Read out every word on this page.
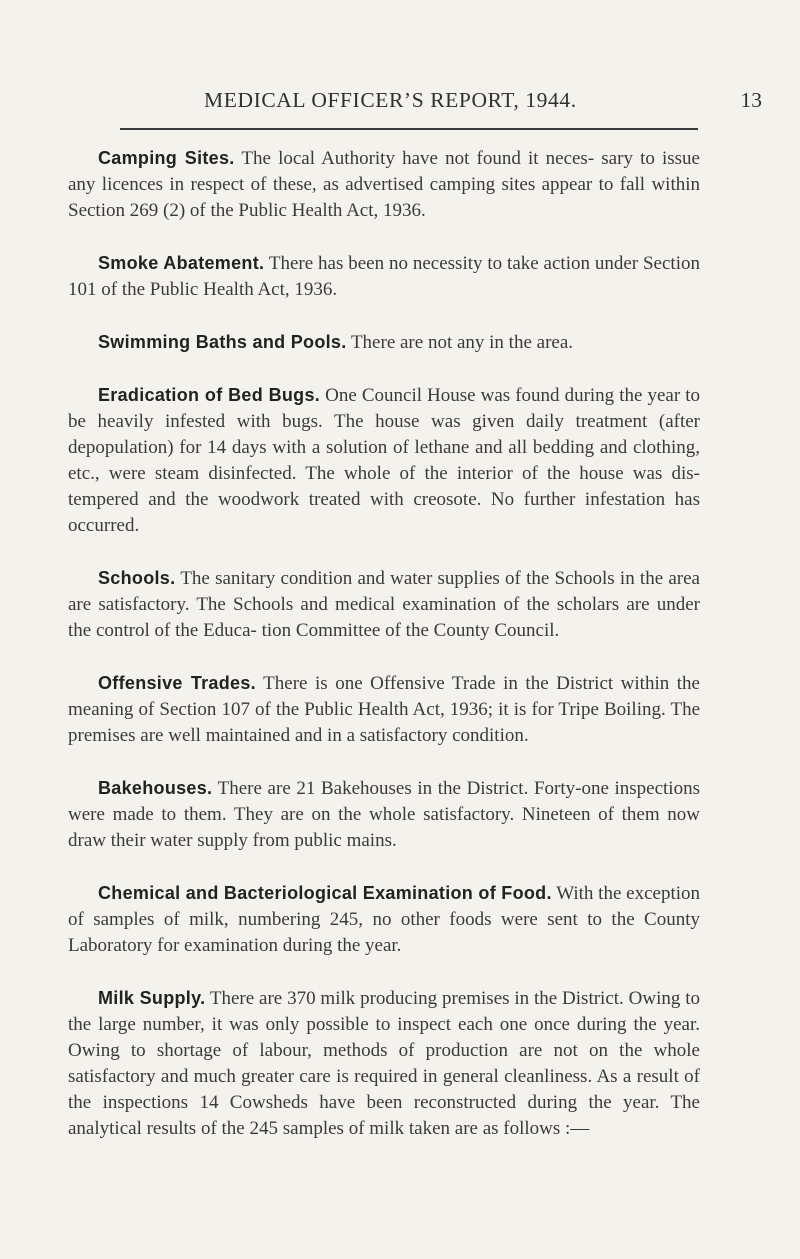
MEDICAL OFFICER’S REPORT, 1944.	13

Camping Sites. The local Authority have not found it neces- sary to issue any licences in respect of these, as advertised camping sites appear to fall within Section 269 (2) of the Public Health Act, 1936.

Smoke Abatement. There has been no necessity to take action under Section 101 of the Public Health Act, 1936.

Swimming Baths and Pools. There are not any in the area.

Eradication of Bed Bugs. One Council House was found during the year to be heavily infested with bugs. The house was given daily treatment (after depopulation) for 14 days with a solution of lethane and all bedding and clothing, etc., were steam disinfected. The whole of the interior of the house was dis- tempered and the woodwork treated with creosote. No further infestation has occurred.

Schools. The sanitary condition and water supplies of the Schools in the area are satisfactory. The Schools and medical examination of the scholars are under the control of the Educa- tion Committee of the County Council.

Offensive Trades. There is one Offensive Trade in the District within the meaning of Section 107 of the Public Health Act, 1936; it is for Tripe Boiling. The premises are well maintained and in a satisfactory condition.

Bakehouses. There are 21 Bakehouses in the District. Forty-one inspections were made to them. They are on the whole satisfactory. Nineteen of them now draw their water supply from public mains.

Chemical and Bacteriological Examination of Food. With the exception of samples of milk, numbering 245, no other foods were sent to the County Laboratory for examination during the year.

Milk Supply. There are 370 milk producing premises in the District. Owing to the large number, it was only possible to inspect each one once during the year. Owing to shortage of labour, methods of production are not on the whole satisfactory and much greater care is required in general cleanliness. As a result of the inspections 14 Cowsheds have been reconstructed during the year. The analytical results of the 245 samples of milk taken are as follows :—
